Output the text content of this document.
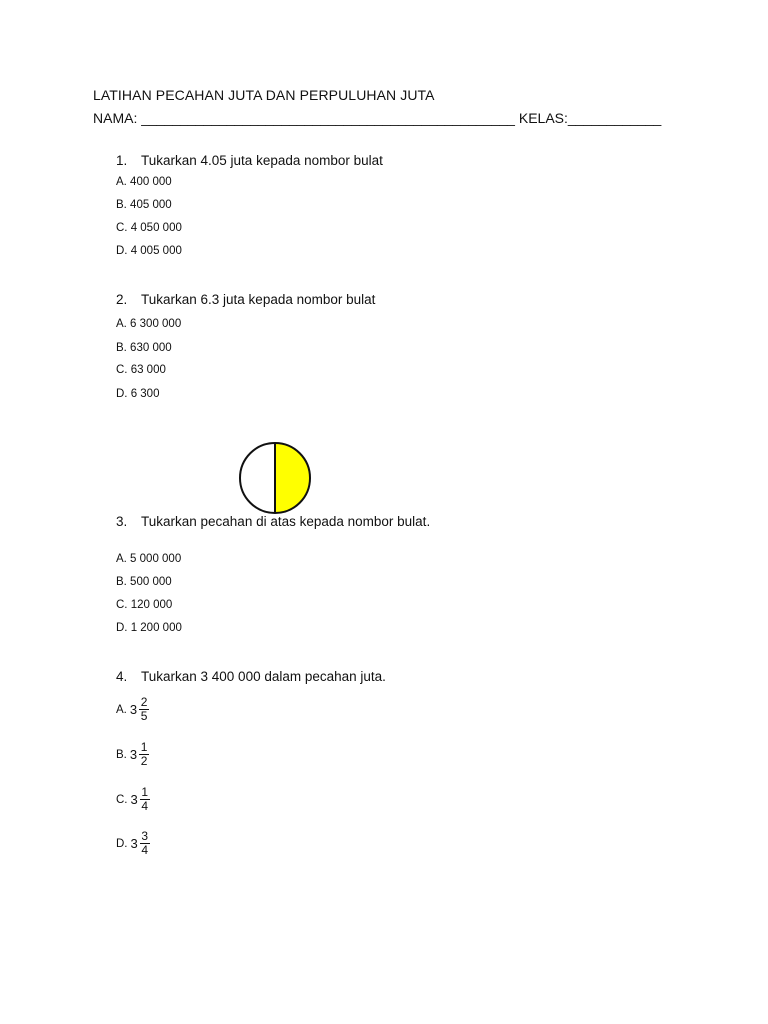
LATIHAN PECAHAN JUTA DAN PERPULUHAN JUTA
NAMA: ________________________________________________ KELAS:____________
1. Tukarkan 4.05 juta kepada nombor bulat
A. 400 000
B. 405 000
C. 4 050 000
D. 4 005 000
2. Tukarkan 6.3 juta kepada nombor bulat
A. 6 300 000
B. 630 000
C. 63 000
D. 6 300
3. Tukarkan pecahan di atas kepada nombor bulat.
A. 5 000 000
B. 500 000
C. 120 000
D. 1 200 000
4. Tukarkan 3 400 000 dalam pecahan juta.
A. $3 \frac{2}{5}$
B. $3 \frac{1}{2}$
C. $3 \frac{1}{4}$
D. $3 \frac{3}{4}$
